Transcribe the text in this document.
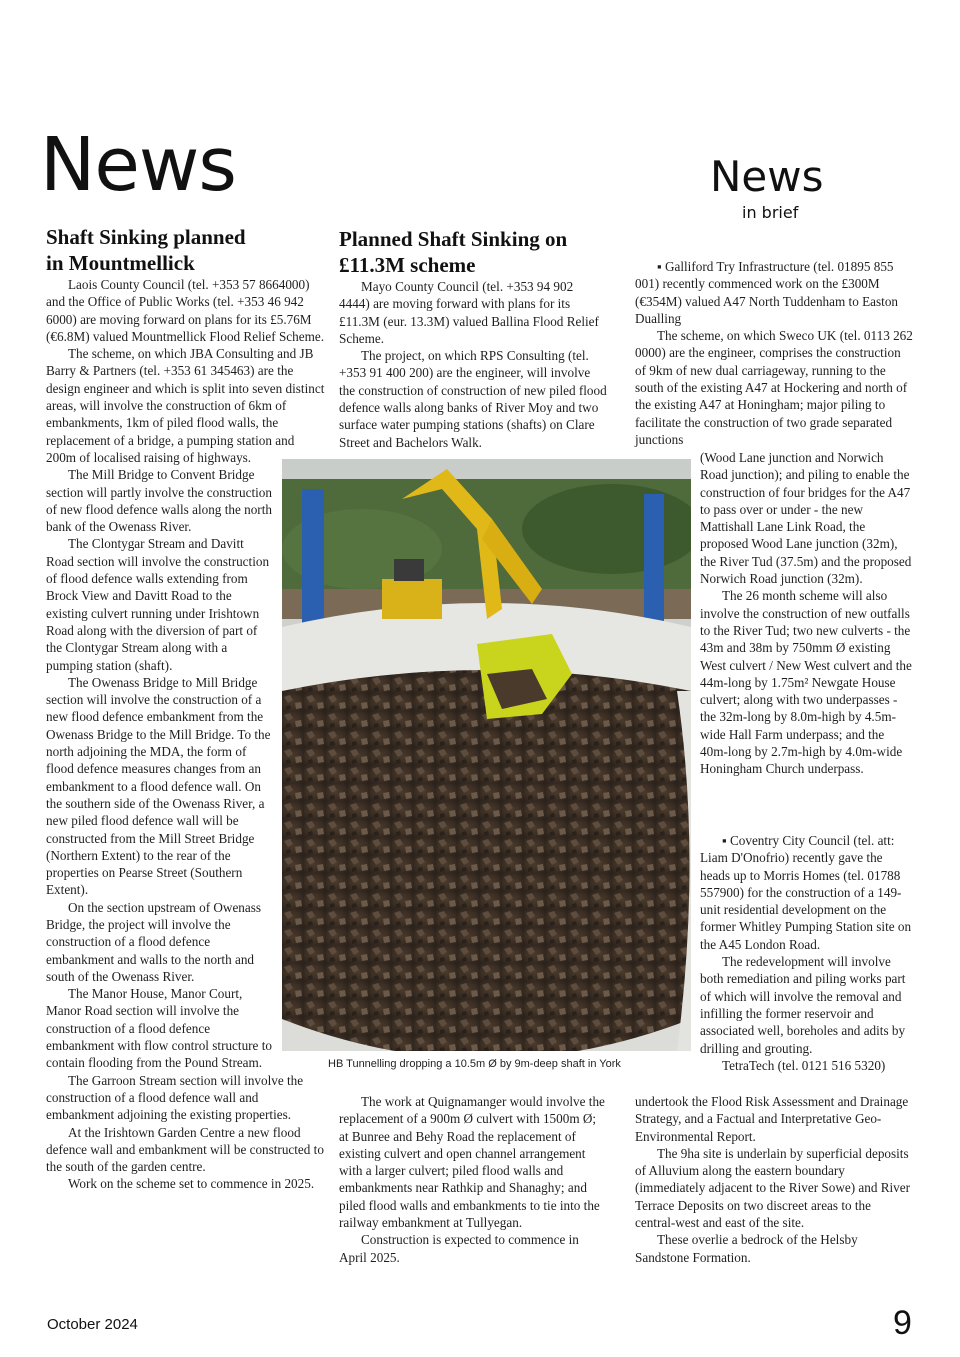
News	News
in brief
Shaft Sinking planned in Mountmellick

Laois County Council (tel. +353 57 8664000) and the Office of Public Works (tel. +353 46 942 6000) are moving forward on plans for its £5.76M (€6.8M) valued Mountmellick Flood Relief Scheme.

The scheme, on which JBA Consulting and JB Barry & Partners (tel. +353 61 345463) are the design engineer and which is split into seven distinct areas, will involve the construction of 6km of embankments, 1km of piled flood walls, the replacement of a bridge, a pumping station and 200m of localised raising of highways.

The Mill Bridge to Convent Bridge section will partly involve the construction of new flood defence walls along the north bank of the Owenass River.

The Clontygar Stream and Davitt Road section will involve the construction of flood defence walls extending from Brock View and Davitt Road to the existing culvert running under Irishtown Road along with the diversion of part of the Clontygar Stream along with a pumping station (shaft).

The Owenass Bridge to Mill Bridge section will involve the construction of a new flood defence embankment from the Owenass Bridge to the Mill Bridge. To the north adjoining the MDA, the form of flood defence measures changes from an embankment to a flood defence wall. On the southern side of the Owenass River, a new piled flood defence wall will be constructed from the Mill Street Bridge (Northern Extent) to the rear of the properties on Pearse Street (Southern Extent).

On the section upstream of Owenass Bridge, the project will involve the construction of a flood defence embankment and walls to the north and south of the Owenass River.

The Manor House, Manor Court, Manor Road section will involve the construction of a flood defence embankment with flow control structure to contain flooding from the Pound Stream.

The Garroon Stream section will involve the construction of a flood defence wall and embankment adjoining the existing properties.

At the Irishtown Garden Centre a new flood defence wall and embankment will be constructed to the south of the garden centre.

Work on the scheme set to commence in 2025.

Planned Shaft Sinking on £11.3M scheme

Mayo County Council (tel. +353 94 902 4444) are moving forward with plans for its £11.3M (eur. 13.3M) valued Ballina Flood Relief Scheme.

The project, on which RPS Consulting (tel. +353 91 400 200) are the engineer, will involve the construction of construction of new piled flood defence walls along banks of River Moy and two surface water pumping stations (shafts) on Clare Street and Bachelors Walk.

The work at Quignamanger would involve the replacement of a 900m Ø culvert with 1500m Ø; at Bunree and Behy Road the replacement of existing culvert and open channel arrangement with a larger culvert; piled flood walls and embankments near Rathkip and Shanaghy; and piled flood walls and embankments to tie into the railway embankment at Tullyegan.

Construction is expected to commence in April 2025.

HB Tunnelling dropping a 10.5m Ø by 9m-deep shaft in York

▪ Galliford Try Infrastructure (tel. 01895 855 001) recently commenced work on the £300M (€354M) valued A47 North Tuddenham to Easton Dualling

The scheme, on which Sweco UK (tel. 0113 262 0000) are the engineer, comprises the construction of 9km of new dual carriageway, running to the south of the existing A47 at Hockering and north of the existing A47 at Honingham; major piling to facilitate the construction of two grade separated junctions

(Wood Lane junction and Norwich Road junction); and piling to enable the construction of four bridges for the A47 to pass over or under - the new Mattishall Lane Link Road, the proposed Wood Lane junction (32m), the River Tud (37.5m) and the proposed Norwich Road junction (32m).

The 26 month scheme will also involve the construction of new outfalls to the River Tud; two new culverts - the 43m and 38m by 750mm Ø existing West culvert / New West culvert and the 44m-long by 1.75m² Newgate House culvert; along with two underpasses - the 32m-long by 8.0m-high by 4.5m-wide Hall Farm underpass; and the 40m-long by 2.7m-high by 4.0m-wide Honingham Church underpass.

▪ Coventry City Council (tel. att: Liam D'Onofrio) recently gave the heads up to Morris Homes (tel. 01788 557900) for the construction of a 149-unit residential development on the former Whitley Pumping Station site on the A45 London Road.

The redevelopment will involve both remediation and piling works part of which will involve the removal and infilling the former reservoir and associated well, boreholes and adits by drilling and grouting.

TetraTech (tel. 0121 516 5320)

undertook the Flood Risk Assessment and Drainage Strategy, and a Factual and Interpretative Geo-Environmental Report.

The 9ha site is underlain by superficial deposits of Alluvium along the eastern boundary (immediately adjacent to the River Sowe) and River Terrace Deposits on two discreet areas to the central-west and east of the site.

These overlie a bedrock of the Helsby Sandstone Formation.

October 2024	9
